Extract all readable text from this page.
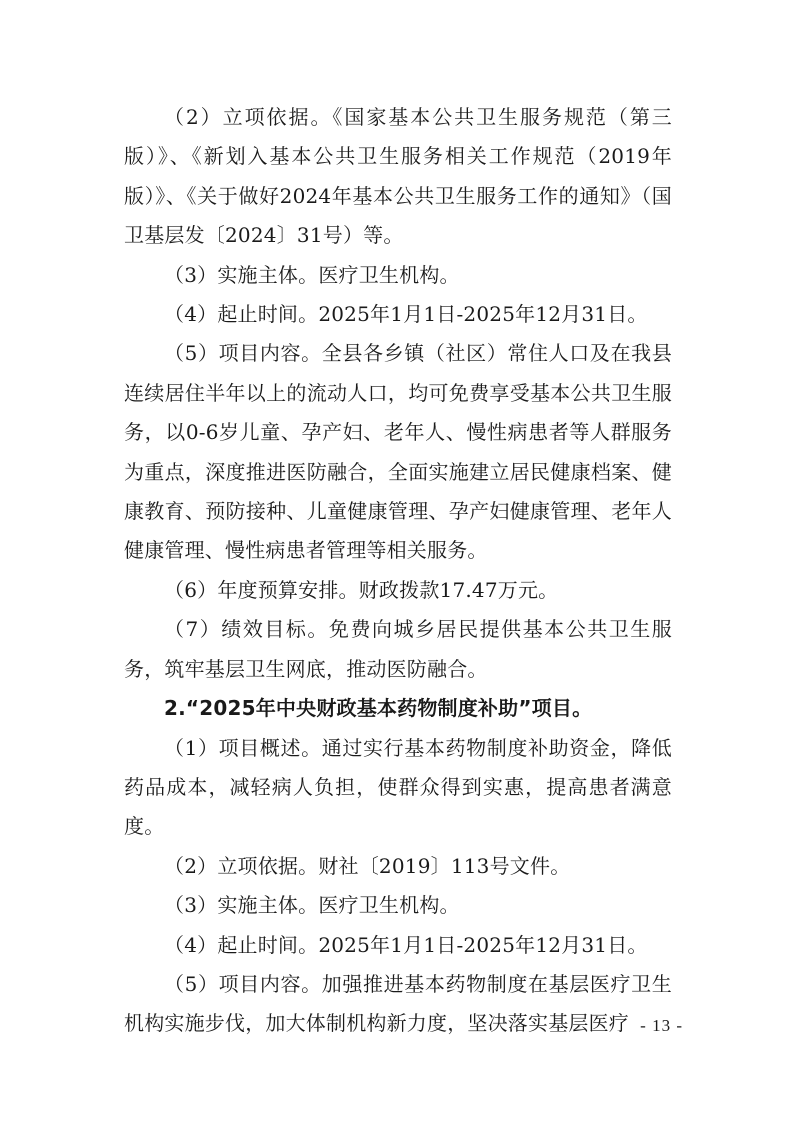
（2）立项依据。《国家基本公共卫生服务规范（第三版）》、《新划入基本公共卫生服务相关工作规范（2019年版）》、《关于做好2024年基本公共卫生服务工作的通知》（国卫基层发〔2024〕31号）等。

（3）实施主体。医疗卫生机构。

（4）起止时间。2025年1月1日-2025年12月31日。

（5）项目内容。全县各乡镇（社区）常住人口及在我县连续居住半年以上的流动人口，均可免费享受基本公共卫生服务，以0-6岁儿童、孕产妇、老年人、慢性病患者等人群服务为重点，深度推进医防融合，全面实施建立居民健康档案、健康教育、预防接种、儿童健康管理、孕产妇健康管理、老年人健康管理、慢性病患者管理等相关服务。

（6）年度预算安排。财政拨款17.47万元。

（7）绩效目标。免费向城乡居民提供基本公共卫生服务，筑牢基层卫生网底，推动医防融合。

2.“2025年中央财政基本药物制度补助”项目。

（1）项目概述。通过实行基本药物制度补助资金，降低药品成本，减轻病人负担，使群众得到实惠，提高患者满意度。

（2）立项依据。财社〔2019〕113号文件。

（3）实施主体。医疗卫生机构。

（4）起止时间。2025年1月1日-2025年12月31日。

（5）项目内容。加强推进基本药物制度在基层医疗卫生机构实施步伐，加大体制机构新力度，坚决落实基层医疗 - 13 -
